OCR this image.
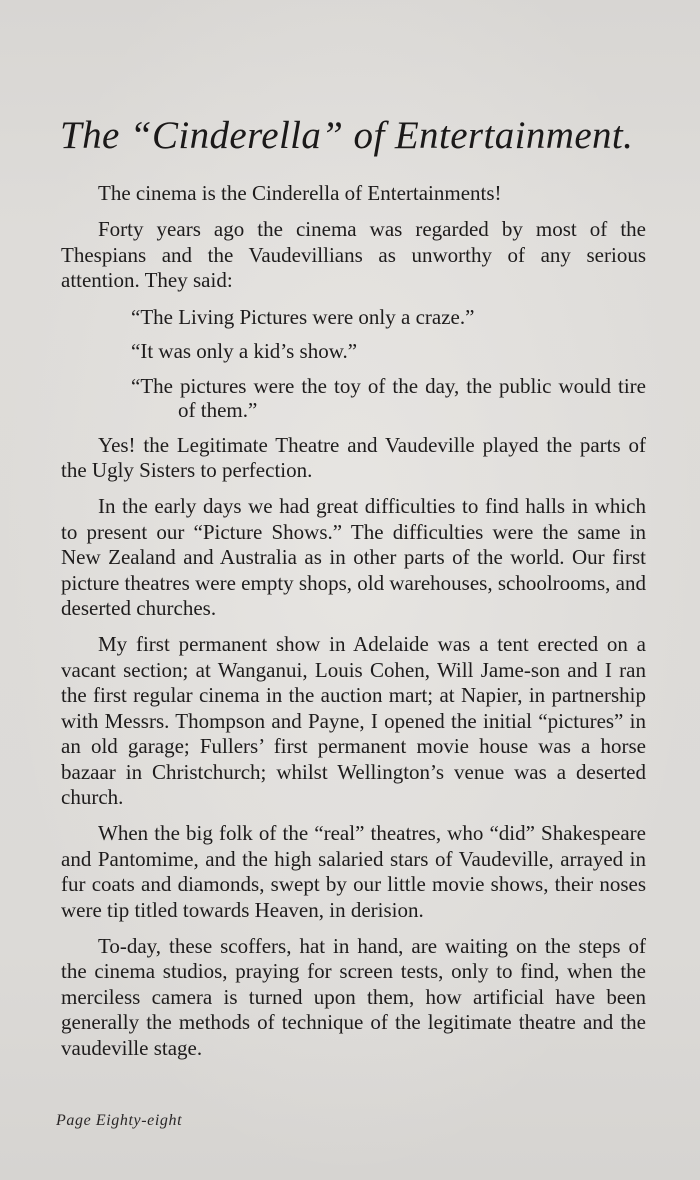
The “Cinderella” of Entertainment.

The cinema is the Cinderella of Entertainments!

Forty years ago the cinema was regarded by most of the Thespians and the Vaudevillians as unworthy of any serious attention. They said:

“The Living Pictures were only a craze.”

“It was only a kid’s show.”

“The pictures were the toy of the day, the public would tire of them.”

Yes! the Legitimate Theatre and Vaudeville played the parts of the Ugly Sisters to perfection.

In the early days we had great difficulties to find halls in which to present our “Picture Shows.” The difficulties were the same in New Zealand and Australia as in other parts of the world. Our first picture theatres were empty shops, old warehouses, schoolrooms, and deserted churches.

My first permanent show in Adelaide was a tent erected on a vacant section; at Wanganui, Louis Cohen, Will Jame-son and I ran the first regular cinema in the auction mart; at Napier, in partnership with Messrs. Thompson and Payne, I opened the initial “pictures” in an old garage; Fullers’ first permanent movie house was a horse bazaar in Christchurch; whilst Wellington’s venue was a deserted church.

When the big folk of the “real” theatres, who “did” Shakespeare and Pantomime, and the high salaried stars of Vaudeville, arrayed in fur coats and diamonds, swept by our little movie shows, their noses were tip titled towards Heaven, in derision.

To-day, these scoffers, hat in hand, are waiting on the steps of the cinema studios, praying for screen tests, only to find, when the merciless camera is turned upon them, how artificial have been generally the methods of technique of the legitimate theatre and the vaudeville stage.

Page Eighty-eight
